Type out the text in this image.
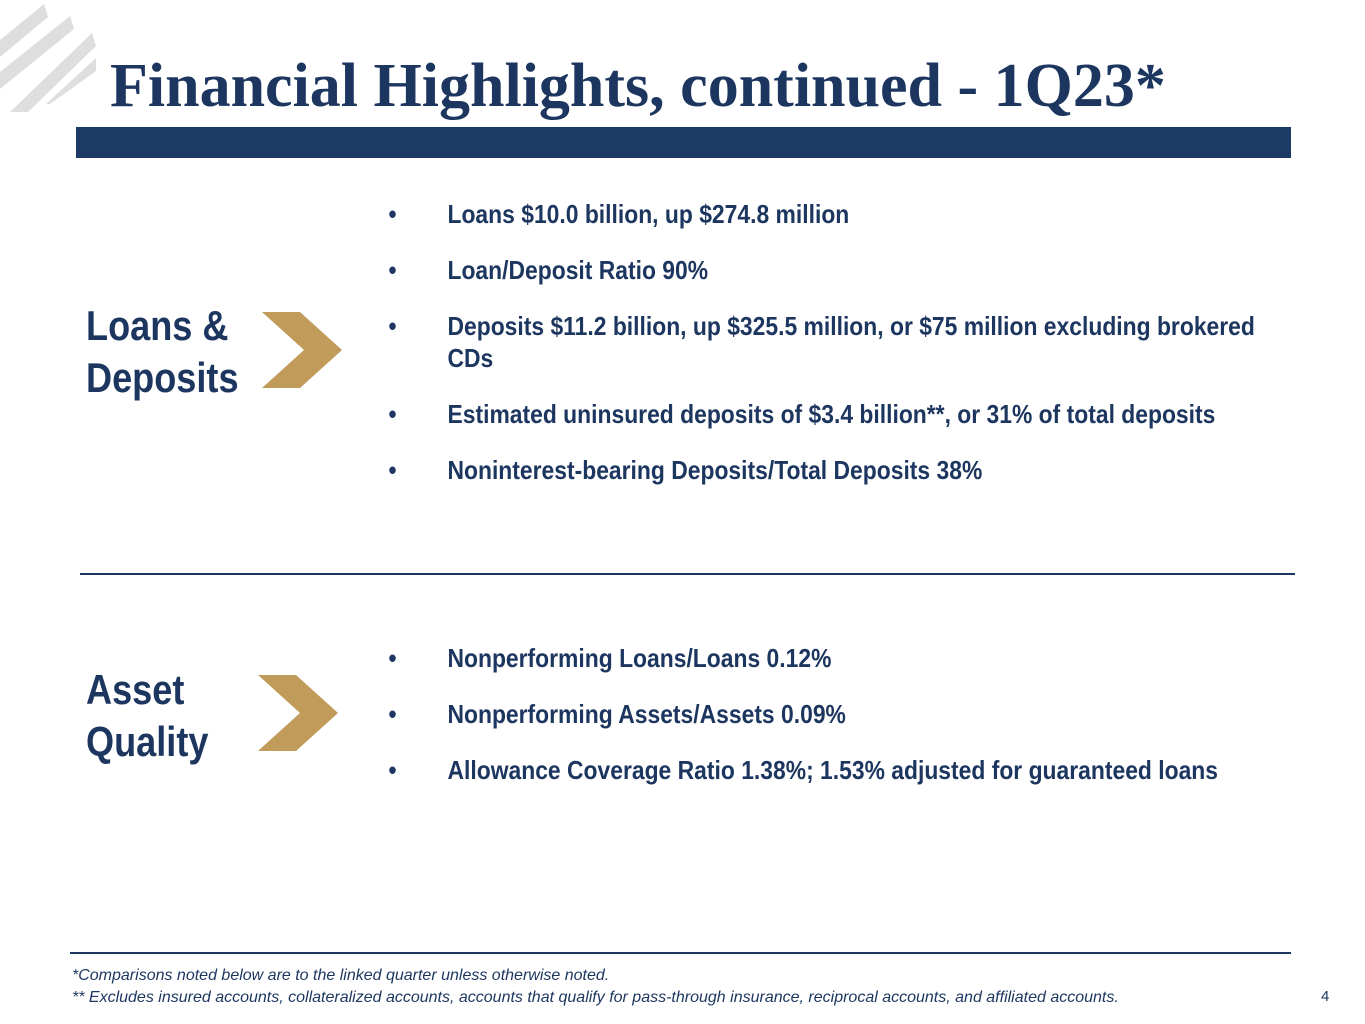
Financial Highlights, continued - 1Q23*
Loans &
Deposits
• Loans $10.0 billion, up $274.8 million
• Loan/Deposit Ratio 90%
• Deposits $11.2 billion, up $325.5 million, or $75 million excluding brokered CDs
• Estimated uninsured deposits of $3.4 billion**, or 31% of total deposits
• Noninterest-bearing Deposits/Total Deposits 38%
Asset
Quality
• Nonperforming Loans/Loans 0.12%
• Nonperforming Assets/Assets 0.09%
• Allowance Coverage Ratio 1.38%; 1.53% adjusted for guaranteed loans
*Comparisons noted below are to the linked quarter unless otherwise noted.
** Excludes insured accounts, collateralized accounts, accounts that qualify for pass-through insurance, reciprocal accounts, and affiliated accounts.	4
